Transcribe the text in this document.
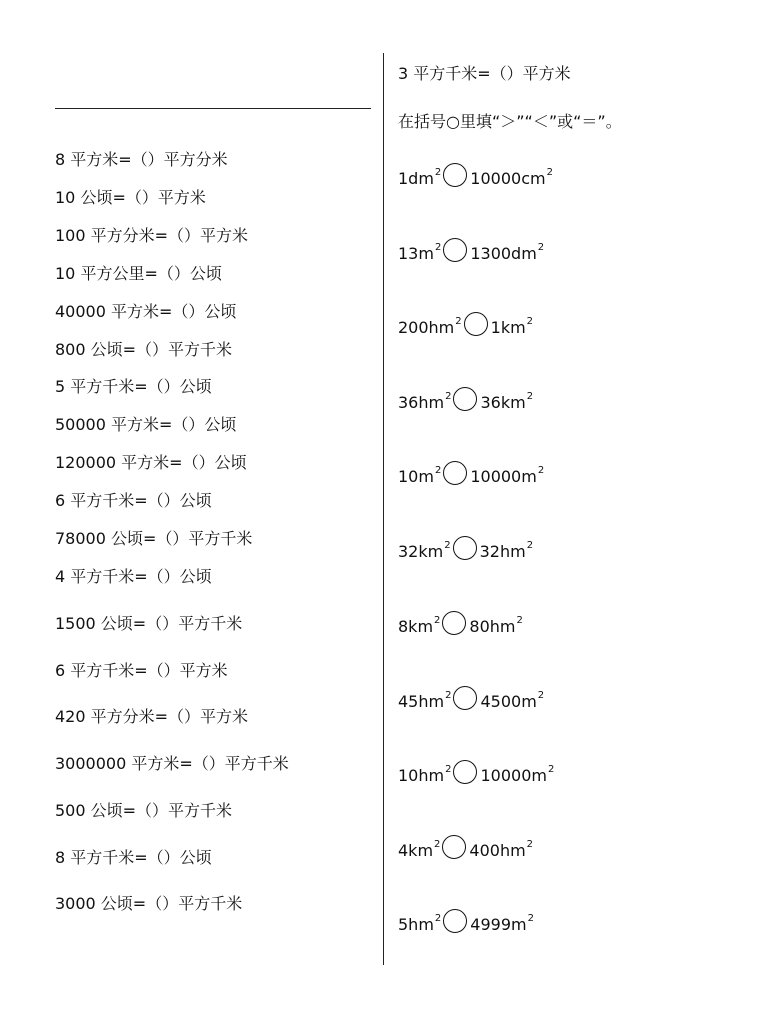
8 平方米=（）平方分米
10 公顷=（）平方米
100 平方分米=（）平方米
10 平方公里=（）公顷
40000 平方米=（）公顷
800 公顷=（）平方千米
5 平方千米=（）公顷
50000 平方米=（）公顷
120000 平方米=（）公顷
6 平方千米=（）公顷
78000 公顷=（）平方千米
4 平方千米=（）公顷
1500 公顷=（）平方千米
6 平方千米=（）平方米
420 平方分米=（）平方米
3000000 平方米=（）平方千米
500 公顷=（）平方千米
8 平方千米=（）公顷
3000 公顷=（）平方千米
3 平方千米=（）平方米
在括号○里填“＞”“＜”或“＝”。
$1dm^2$ $10000cm^2$
$13m^2$ $1300dm^2$
$200hm^2$ $1km^2$
$36hm^2$ $36km^2$
$10m^2$ $10000m^2$
$32km^2$ $32hm^2$
$8km^2$ $80hm^2$
$45hm^2$ $4500m^2$
$10hm^2$ $10000m^2$
$4km^2$ $400hm^2$
$5hm^2$ $4999m^2$
